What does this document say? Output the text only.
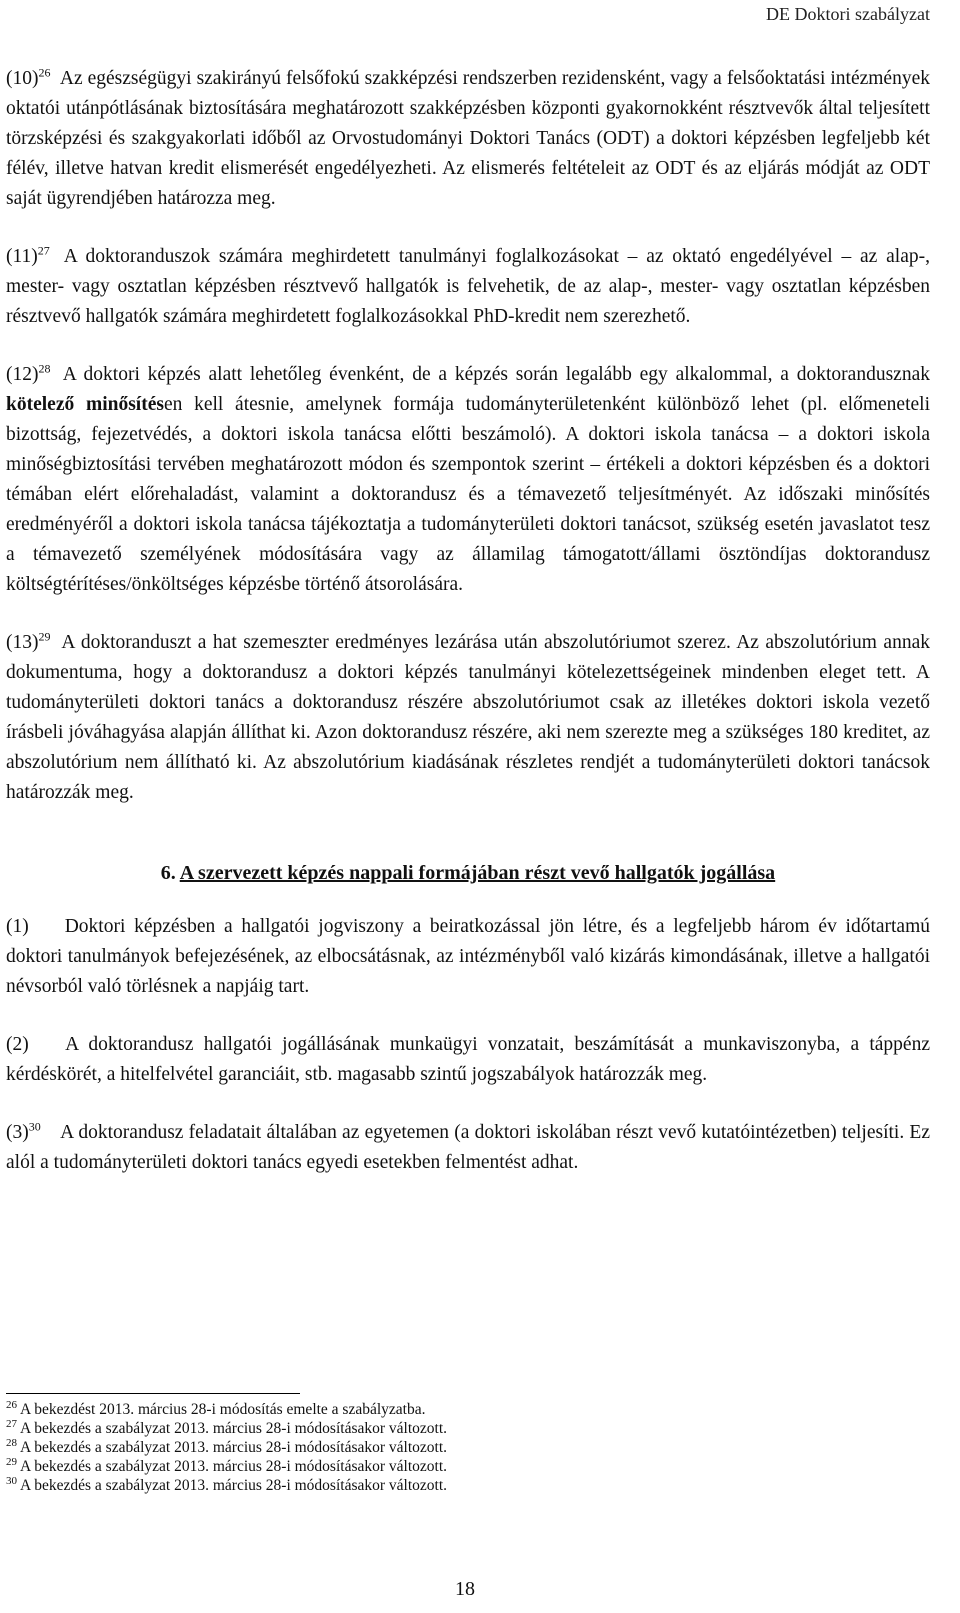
DE Doktori szabályzat

$(10)^{26}$ Az egészségügyi szakirányú felsőfokú szakképzési rendszerben rezidensként, vagy a felsőoktatási intézmények oktatói utánpótlásának biztosítására meghatározott szakképzésben központi gyakornokként résztvevők által teljesített törzsképzési és szakgyakorlati időből az Orvostudományi Doktori Tanács (ODT) a doktori képzésben legfeljebb két félév, illetve hatvan kredit elismerését engedélyezheti. Az elismerés feltételeit az ODT és az eljárás módját az ODT saját ügyrendjében határozza meg.

$(11)^{27}$ A doktoranduszok számára meghirdetett tanulmányi foglalkozásokat – az oktató engedélyével – az alap-, mester- vagy osztatlan képzésben résztvevő hallgatók is felvehetik, de az alap-, mester- vagy osztatlan képzésben résztvevő hallgatók számára meghirdetett foglalkozásokkal PhD-kredit nem szerezhető.

$(12)^{28}$ A doktori képzés alatt lehetőleg évenként, de a képzés során legalább egy alkalommal, a doktorandusznak kötelező minősítésen kell átesnie, amelynek formája tudományterületenként különböző lehet (pl. előmeneteli bizottság, fejezetvédés, a doktori iskola tanácsa előtti beszámoló). A doktori iskola tanácsa – a doktori iskola minőségbiztosítási tervében meghatározott módon és szempontok szerint – értékeli a doktori képzésben és a doktori témában elért előrehaladást, valamint a doktorandusz és a témavezető teljesítményét. Az időszaki minősítés eredményéről a doktori iskola tanácsa tájékoztatja a tudományterületi doktori tanácsot, szükség esetén javaslatot tesz a témavezető személyének módosítására vagy az államilag támogatott/állami ösztöndíjas doktorandusz költségtérítéses/önköltséges képzésbe történő átsorolására.

$(13)^{29}$ A doktoranduszt a hat szemeszter eredményes lezárása után abszolutóriumot szerez. Az abszolutórium annak dokumentuma, hogy a doktorandusz a doktori képzés tanulmányi kötelezettségeinek mindenben eleget tett. A tudományterületi doktori tanács a doktorandusz részére abszolutóriumot csak az illetékes doktori iskola vezető írásbeli jóváhagyása alapján állíthat ki. Azon doktorandusz részére, aki nem szerezte meg a szükséges 180 kreditet, az abszolutórium nem állítható ki. Az abszolutórium kiadásának részletes rendjét a tudományterületi doktori tanácsok határozzák meg.

6. A szervezett képzés nappali formájában részt vevő hallgatók jogállása

(1) Doktori képzésben a hallgatói jogviszony a beiratkozással jön létre, és a legfeljebb három év időtartamú doktori tanulmányok befejezésének, az elbocsátásnak, az intézményből való kizárás kimondásának, illetve a hallgatói névsorból való törlésnek a napjáig tart.

(2) A doktorandusz hallgatói jogállásának munkaügyi vonzatait, beszámítását a munkaviszonyba, a táppénz kérdéskörét, a hitelfelvétel garanciáit, stb. magasabb szintű jogszabályok határozzák meg.

$(3)^{30}$ A doktorandusz feladatait általában az egyetemen (a doktori iskolában részt vevő kutatóintézetben) teljesíti. Ez alól a tudományterületi doktori tanács egyedi esetekben felmentést adhat.

$^{26}$ A bekezdést 2013. március 28-i módosítás emelte a szabályzatba.
$^{27}$ A bekezdés a szabályzat 2013. március 28-i módosításakor változott.
$^{28}$ A bekezdés a szabályzat 2013. március 28-i módosításakor változott.
$^{29}$ A bekezdés a szabályzat 2013. március 28-i módosításakor változott.
$^{30}$ A bekezdés a szabályzat 2013. március 28-i módosításakor változott.
18
